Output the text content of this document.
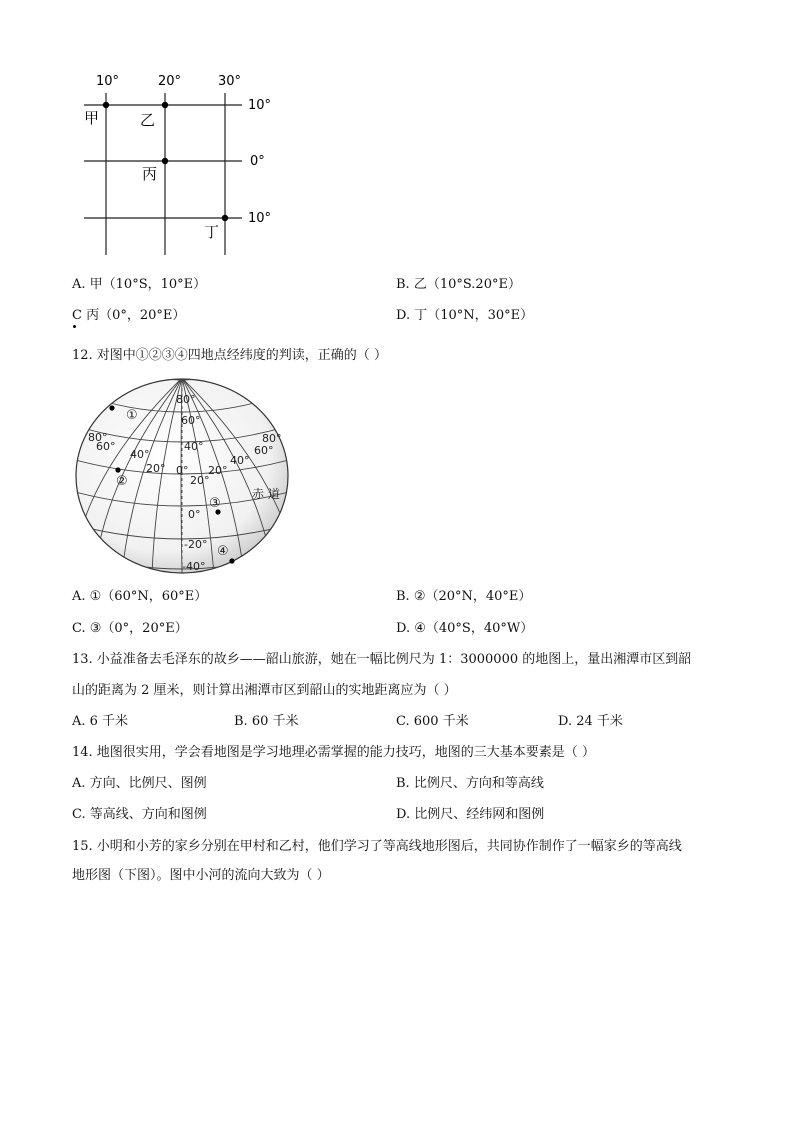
10°	20°	30°
10°
0°
10°
甲	乙
丙
丁
A. 甲（10°S，10°E）	B. 乙（10°S.20°E）
C 丙（0°，20°E）	D. 丁（10°N，30°E）
12. 对图中①②③④四地点经纬度的判读，正确的（ ）
80°
60°
40°
20°
0°
-20°
-40°
80°
60°
40°
20° 0° 20°
40°
60°
80°
赤 道
①
②
③
④
A. ①（60°N，60°E）	B. ②（20°N，40°E）
C. ③（0°，20°E）	D. ④（40°S，40°W）
13. 小益准备去毛泽东的故乡——韶山旅游，她在一幅比例尺为 1：3000000 的地图上，量出湘潭市区到韶
山的距离为 2 厘米，则计算出湘潭市区到韶山的实地距离应为（ ）
A. 6 千米	B. 60 千米	C. 600 千米	D. 24 千米
14. 地图很实用，学会看地图是学习地理必需掌握的能力技巧，地图的三大基本要素是（ ）
A. 方向、比例尺、图例	B. 比例尺、方向和等高线
C. 等高线、方向和图例	D. 比例尺、经纬网和图例
15. 小明和小芳的家乡分别在甲村和乙村，他们学习了等高线地形图后，共同协作制作了一幅家乡的等高线
地形图（下图）。图中小河的流向大致为（ ）
